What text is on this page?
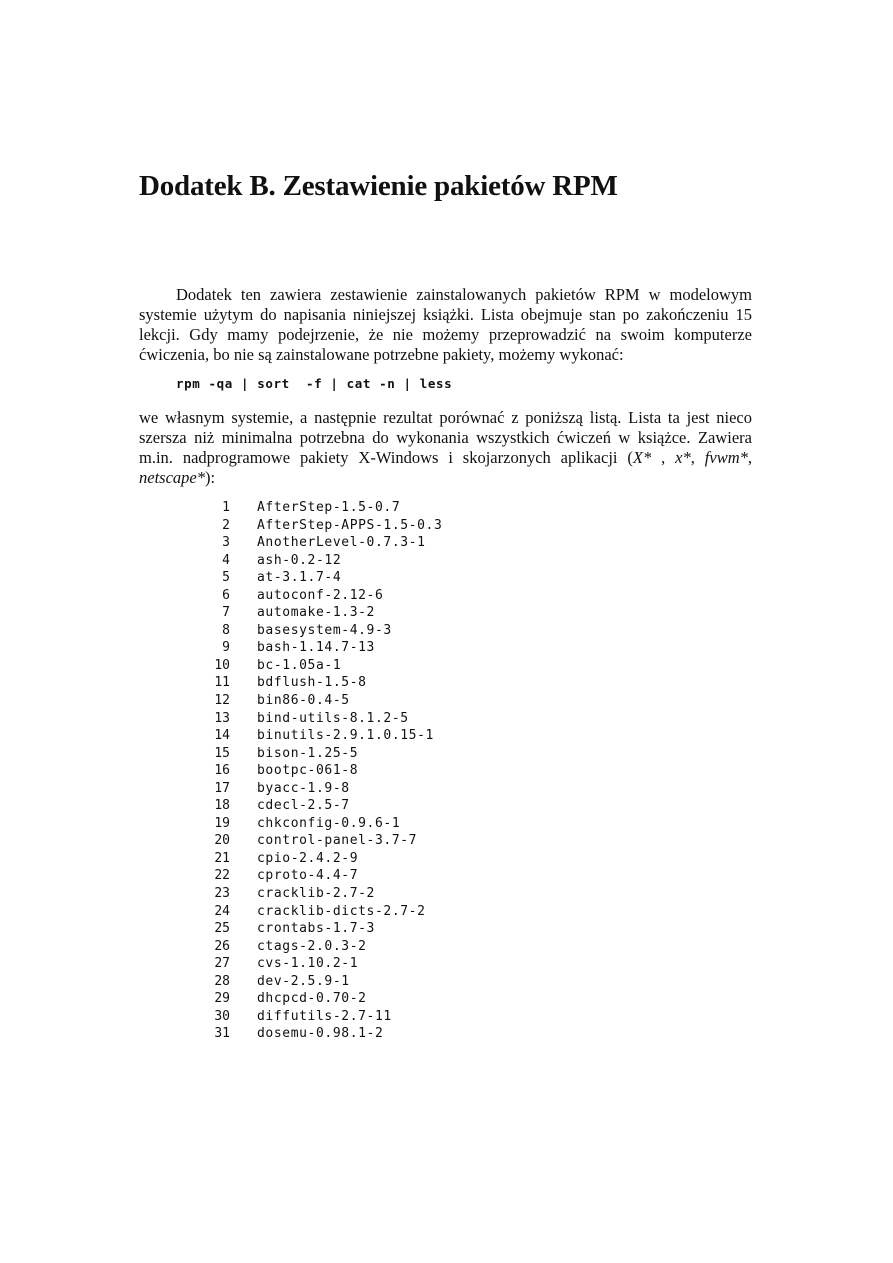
Dodatek B. Zestawienie pakietów RPM

Dodatek ten zawiera zestawienie zainstalowanych pakietów RPM w modelowym systemie użytym do napisania niniejszej książki. Lista obejmuje stan po zakończeniu 15 lekcji. Gdy mamy podejrzenie, że nie możemy przeprowadzić na swoim komputerze ćwiczenia, bo nie są zainstalowane potrzebne pakiety, możemy wykonać:

rpm -qa | sort  -f | cat -n | less

we własnym systemie, a następnie rezultat porównać z poniższą listą. Lista ta jest nieco szersza niż minimalna potrzebna do wykonania wszystkich ćwiczeń w książce. Zawiera m.in. nadprogramowe pakiety X-Windows i skojarzonych aplikacji (X* , x*, fvwm*, netscape*):

1 AfterStep-1.5-0.7
2 AfterStep-APPS-1.5-0.3
3 AnotherLevel-0.7.3-1
4 ash-0.2-12
5 at-3.1.7-4
6 autoconf-2.12-6
7 automake-1.3-2
8 basesystem-4.9-3
9 bash-1.14.7-13
10 bc-1.05a-1
11 bdflush-1.5-8
12 bin86-0.4-5
13 bind-utils-8.1.2-5
14 binutils-2.9.1.0.15-1
15 bison-1.25-5
16 bootpc-061-8
17 byacc-1.9-8
18 cdecl-2.5-7
19 chkconfig-0.9.6-1
20 control-panel-3.7-7
21 cpio-2.4.2-9
22 cproto-4.4-7
23 cracklib-2.7-2
24 cracklib-dicts-2.7-2
25 crontabs-1.7-3
26 ctags-2.0.3-2
27 cvs-1.10.2-1
28 dev-2.5.9-1
29 dhcpcd-0.70-2
30 diffutils-2.7-11
31 dosemu-0.98.1-2
